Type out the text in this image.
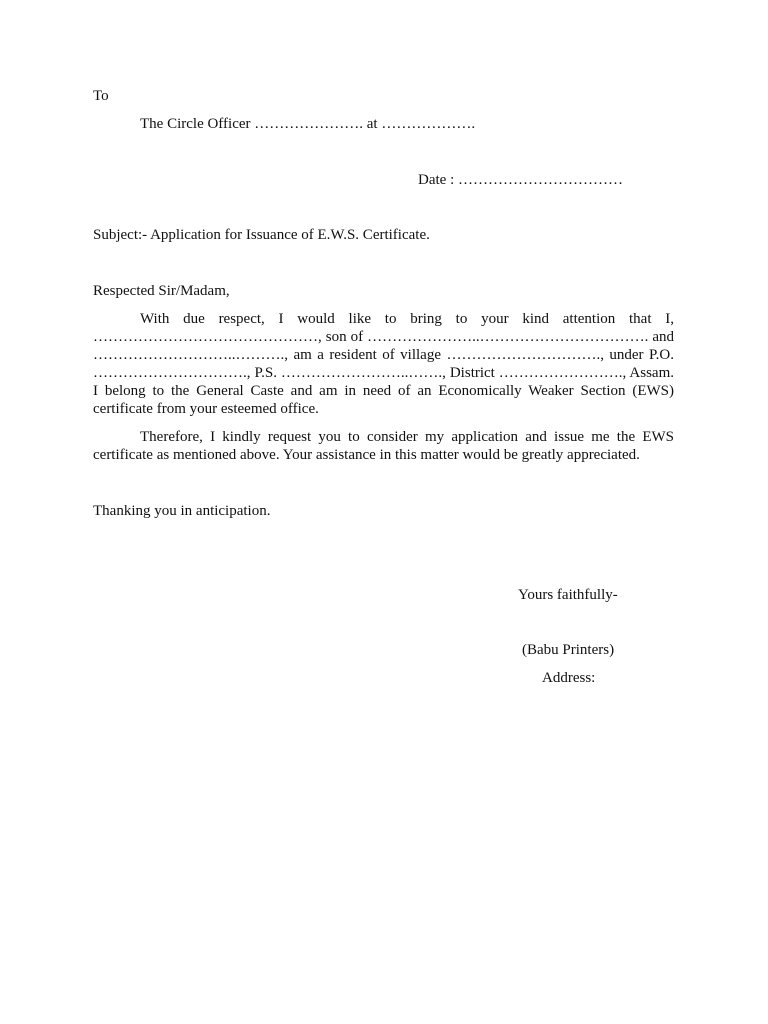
To
The Circle Officer …………………. at ……………….
Date : ……………………………
Subject:- Application for Issuance of E.W.S. Certificate.
Respected Sir/Madam,

With due respect, I would like to bring to your kind attention that I, ………………………………………, son of …………………..……………………………. and ………………………..………., am a resident of village …………………………., under P.O. …………………………., P.S. ……………………..……., District ……………………., Assam. I belong to the General Caste and am in need of an Economically Weaker Section (EWS) certificate from your esteemed office.

Therefore, I kindly request you to consider my application and issue me the EWS certificate as mentioned above. Your assistance in this matter would be greatly appreciated.

Thanking you in anticipation.
Yours faithfully-
(Babu Printers)
Address:
